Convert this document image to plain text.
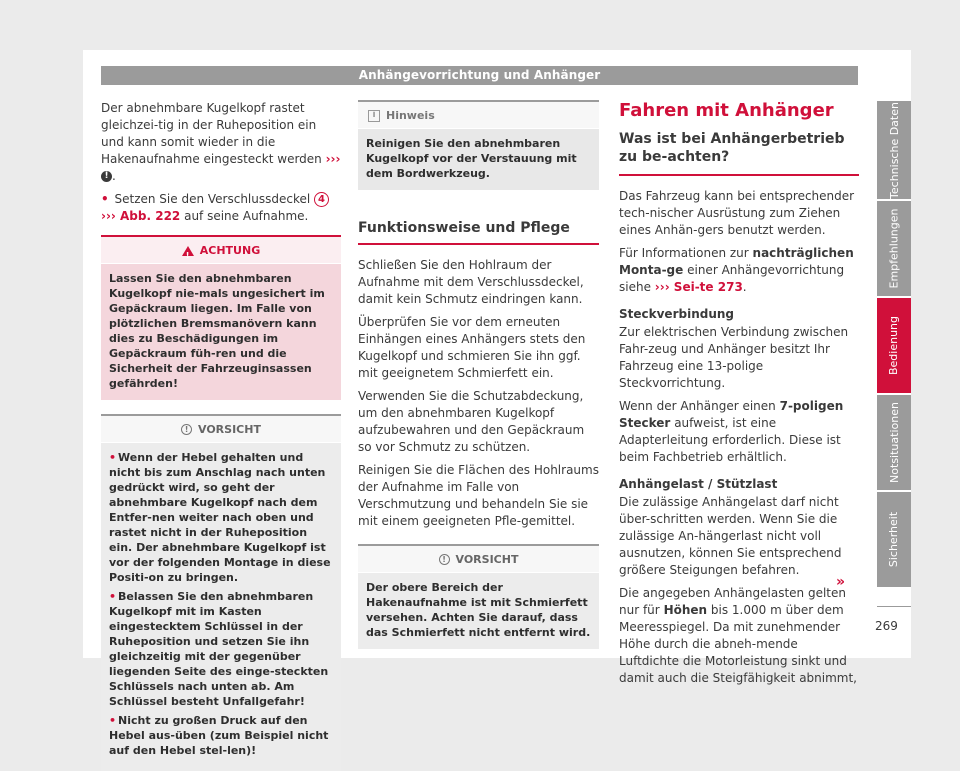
Anhängevorrichtung und Anhänger

Der abnehmbare Kugelkopf rastet gleichzei-tig in der Ruheposition ein und kann somit wieder in die Hakenaufnahme eingesteckt werden ››› ! .

• Setzen Sie den Verschlussdeckel 4
››› Abb. 222 auf seine Aufnahme.

!
ACHTUNG
Lassen Sie den abnehmbaren Kugelkopf nie-mals ungesichert im Gepäckraum liegen. Im Falle von plötzlichen Bremsmanövern kann dies zu Beschädigungen im Gepäckraum füh-ren und die Sicherheit der Fahrzeuginsassen gefährden!
! VORSICHT
• Wenn der Hebel gehalten und nicht bis zum Anschlag nach unten gedrückt wird, so geht der abnehmbare Kugelkopf nach dem Entfer-nen weiter nach oben und rastet nicht in der Ruheposition ein. Der abnehmbare Kugelkopf ist vor der folgenden Montage in diese Positi-on zu bringen.
• Belassen Sie den abnehmbaren Kugelkopf mit im Kasten eingestecktem Schlüssel in der Ruheposition und setzen Sie ihn gleichzeitig mit der gegenüber liegenden Seite des einge-steckten Schlüssels nach unten ab. Am Schlüssel besteht Unfallgefahr!
• Nicht zu großen Druck auf den Hebel aus-üben (zum Beispiel nicht auf den Hebel stel-len)!
i Hinweis
Reinigen Sie den abnehmbaren Kugelkopf vor der Verstauung mit dem Bordwerkzeug.
Funktionsweise und Pflege

Schließen Sie den Hohlraum der Aufnahme mit dem Verschlussdeckel, damit kein Schmutz eindringen kann.

Überprüfen Sie vor dem erneuten Einhängen eines Anhängers stets den Kugelkopf und schmieren Sie ihn ggf. mit geeignetem Schmierfett ein.

Verwenden Sie die Schutzabdeckung, um den abnehmbaren Kugelkopf aufzubewahren und den Gepäckraum so vor Schmutz zu schützen.

Reinigen Sie die Flächen des Hohlraums der Aufnahme im Falle von Verschmutzung und behandeln Sie sie mit einem geeigneten Pfle-gemittel.

! VORSICHT
Der obere Bereich der Hakenaufnahme ist mit Schmierfett versehen. Achten Sie darauf, dass das Schmierfett nicht entfernt wird.
Fahren mit Anhänger
Was ist bei Anhängerbetrieb zu be-achten?

Das Fahrzeug kann bei entsprechender tech-nischer Ausrüstung zum Ziehen eines Anhän-gers benutzt werden.

Für Informationen zur nachträglichen Monta-ge einer Anhängevorrichtung siehe ››› Sei-te 273.

Steckverbindung

Zur elektrischen Verbindung zwischen Fahr-zeug und Anhänger besitzt Ihr Fahrzeug eine 13-polige Steckvorrichtung.

Wenn der Anhänger einen 7-poligen Stecker aufweist, ist eine Adapterleitung erforderlich. Diese ist beim Fachbetrieb erhältlich.

Anhängelast / Stützlast

Die zulässige Anhängelast darf nicht über-schritten werden. Wenn Sie die zulässige An-hängerlast nicht voll ausnutzen, können Sie entsprechend größere Steigungen befahren.

Die angegeben Anhängelasten gelten nur für Höhen bis 1.000 m über dem Meeresspiegel. Da mit zunehmender Höhe durch die abneh-mende Luftdichte die Motorleistung sinkt und damit auch die Steigfähigkeit abnimmt,

»
Technische Daten
Empfehlungen
Bedienung
Notsituationen
Sicherheit
269
